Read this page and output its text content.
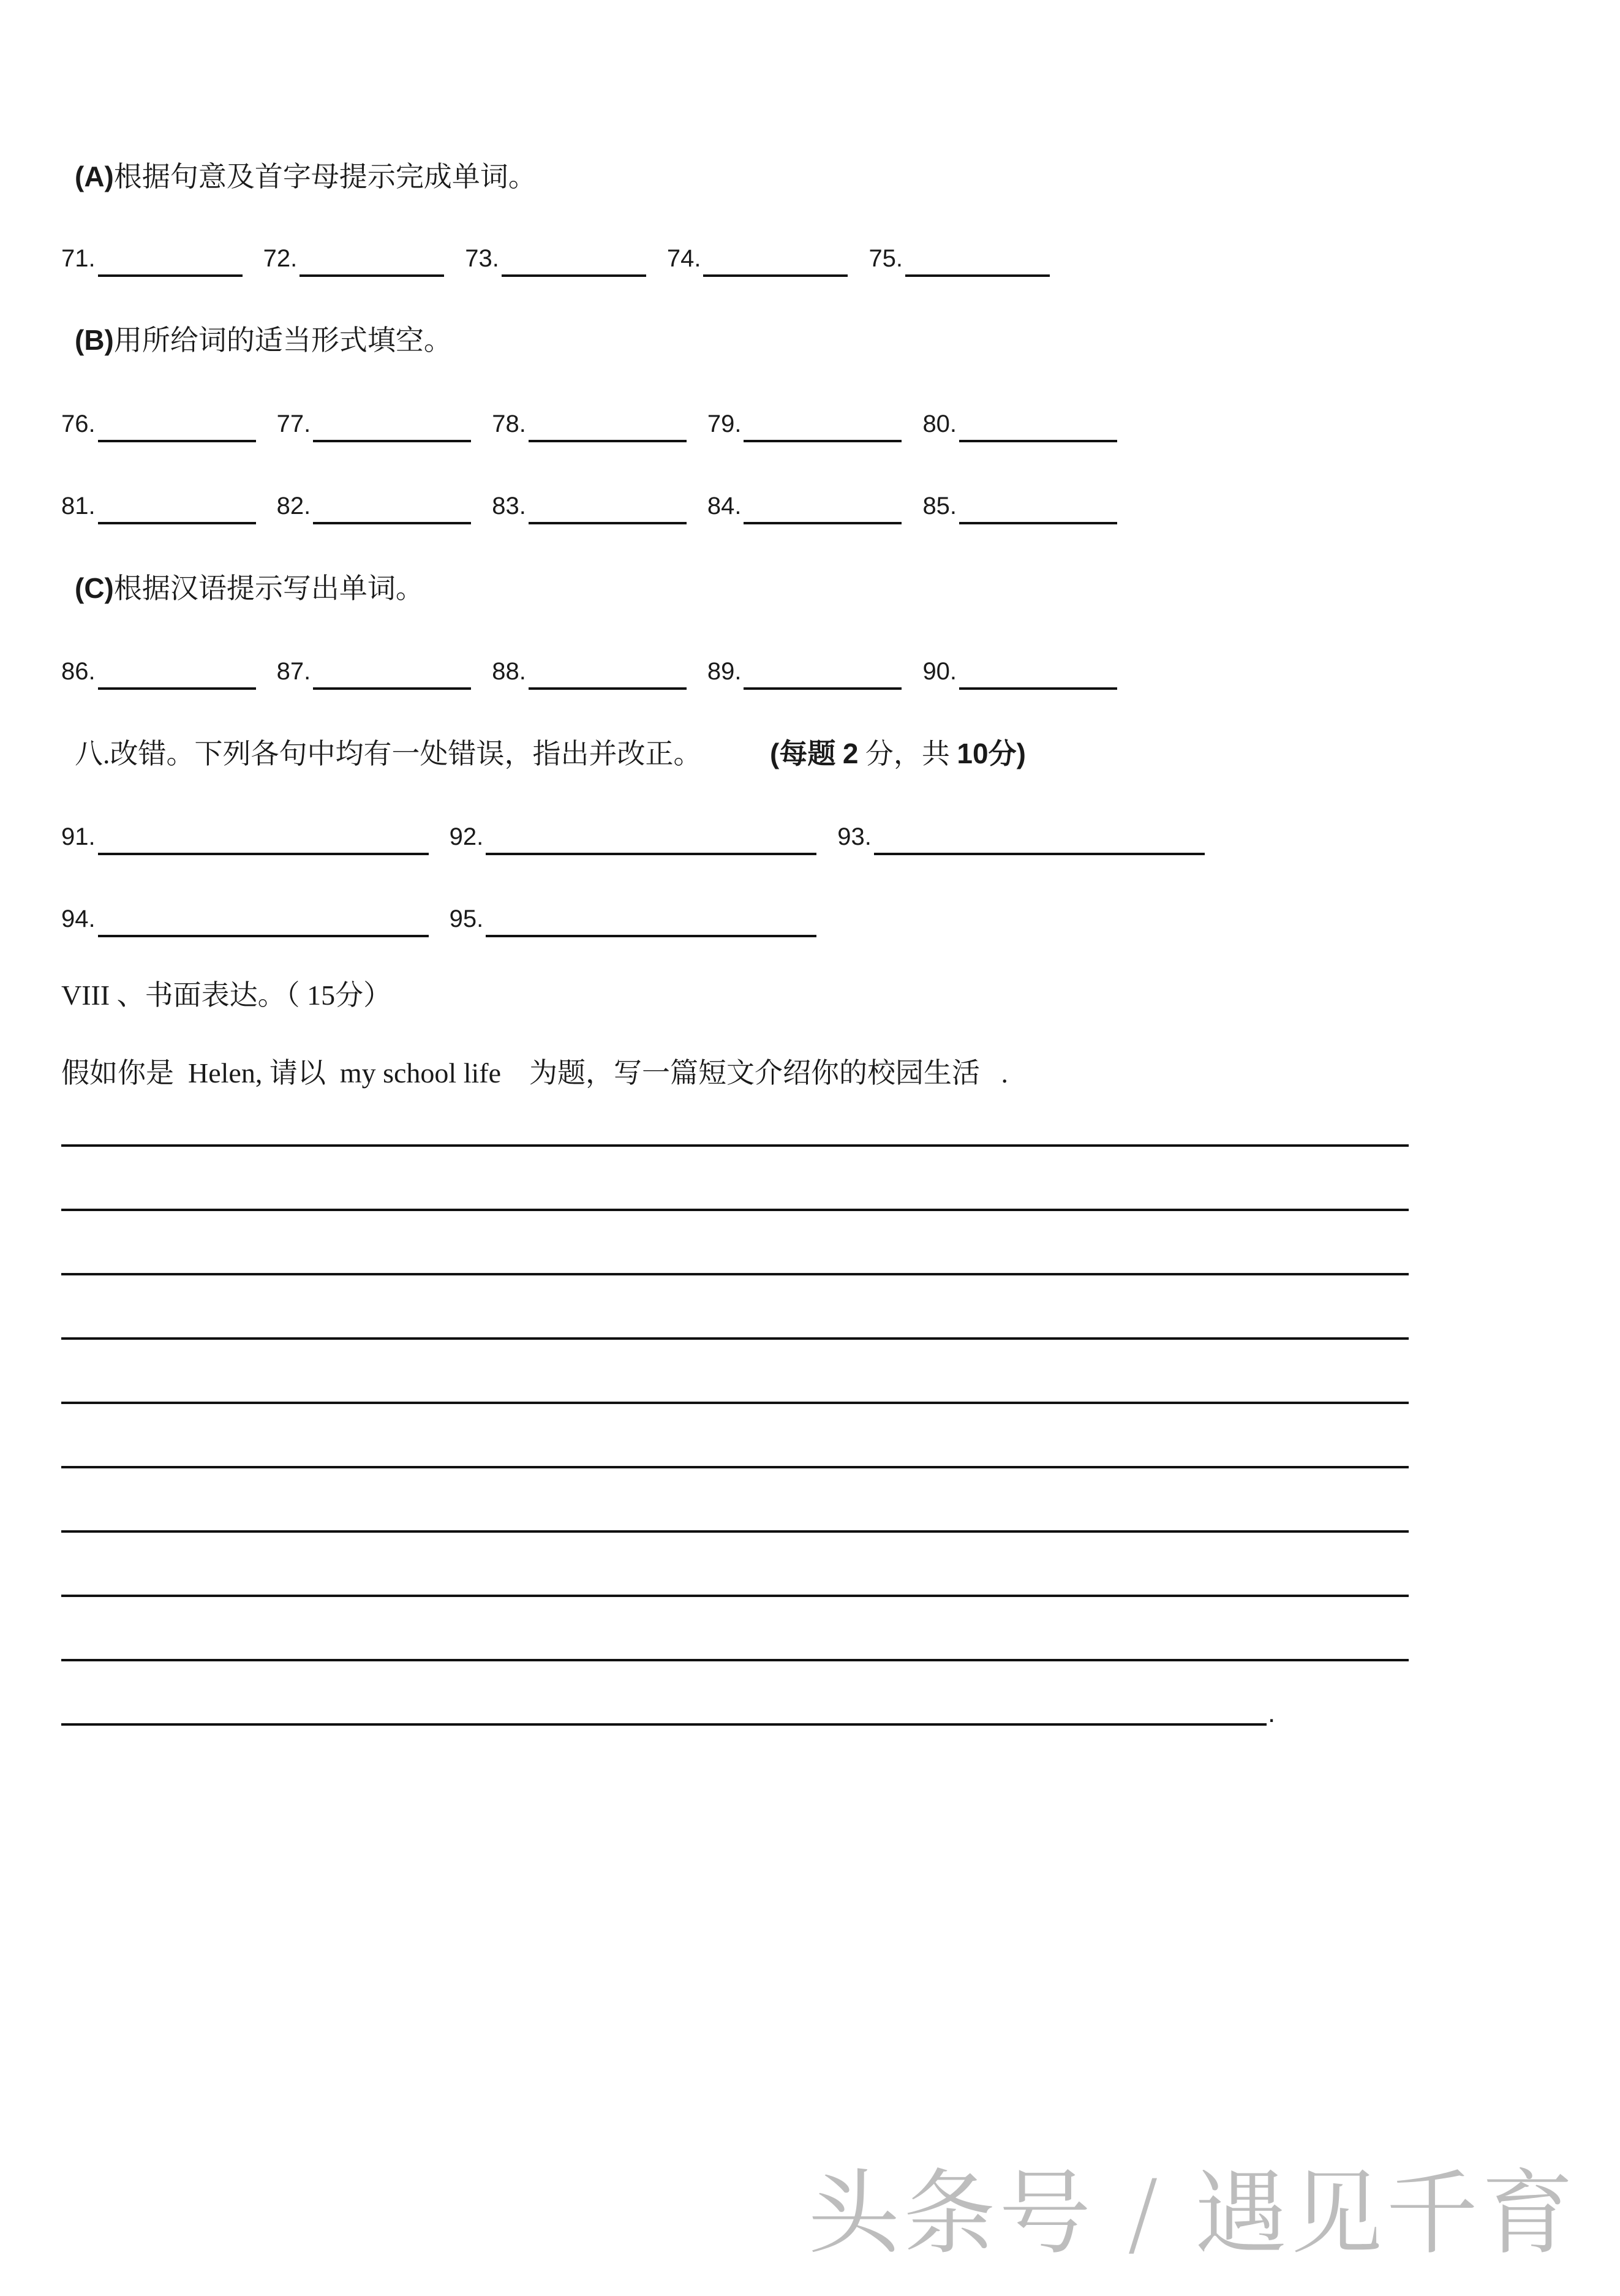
(A)根据句意及首字母提示完成单词。
71.	72.	73.	74.	75.
(B)用所给词的适当形式填空。
76.	77.	78.	79.	80.
81.	82.	83.	84.	85.
(C)根据汉语提示写出单词。
86.	87.	88.	89.	90.
八.改错。下列各句中均有一处错误，指出并改正。 (每题 2 分，共 10分)
91.	92.	93.
94.	95.
VIII 、书面表达。（ 15分）
假如你是  Helen, 请以  my school life    为题，写一篇短文介绍你的校园生活   .
.
头条号 / 遇见千育
